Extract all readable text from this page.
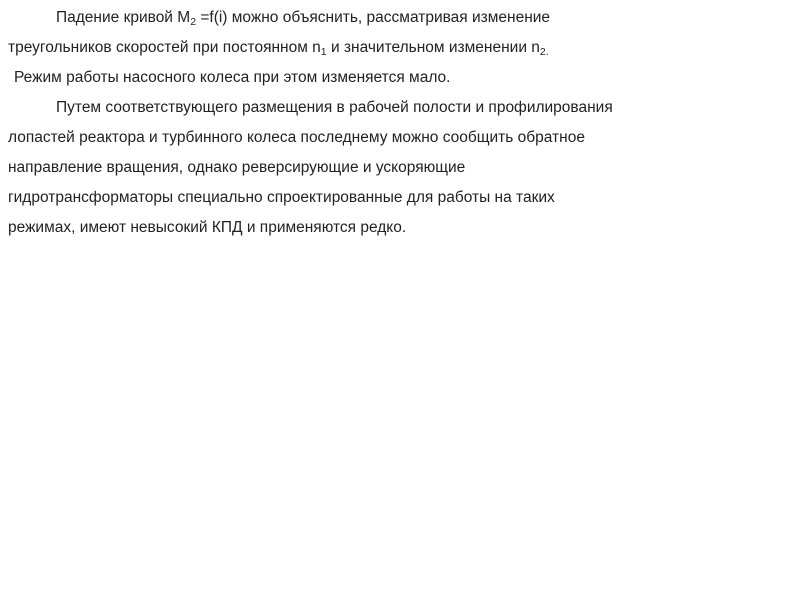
Падение кривой $M_2 =f(i)$ можно объяснить, рассматривая изменение
треугольников скоростей при постоянном $n_1$ и значительном изменении $n_{2.}$
Режим работы насосного колеса при этом изменяется мало.
Путем соответствующего размещения в рабочей полости и профилирования
лопастей реактора и турбинного колеса последнему можно сообщить обратное
направление вращения, однако реверсирующие и ускоряющие
гидротрансформаторы специально спроектированные для работы на таких
режимах, имеют невысокий КПД и применяются редко.
